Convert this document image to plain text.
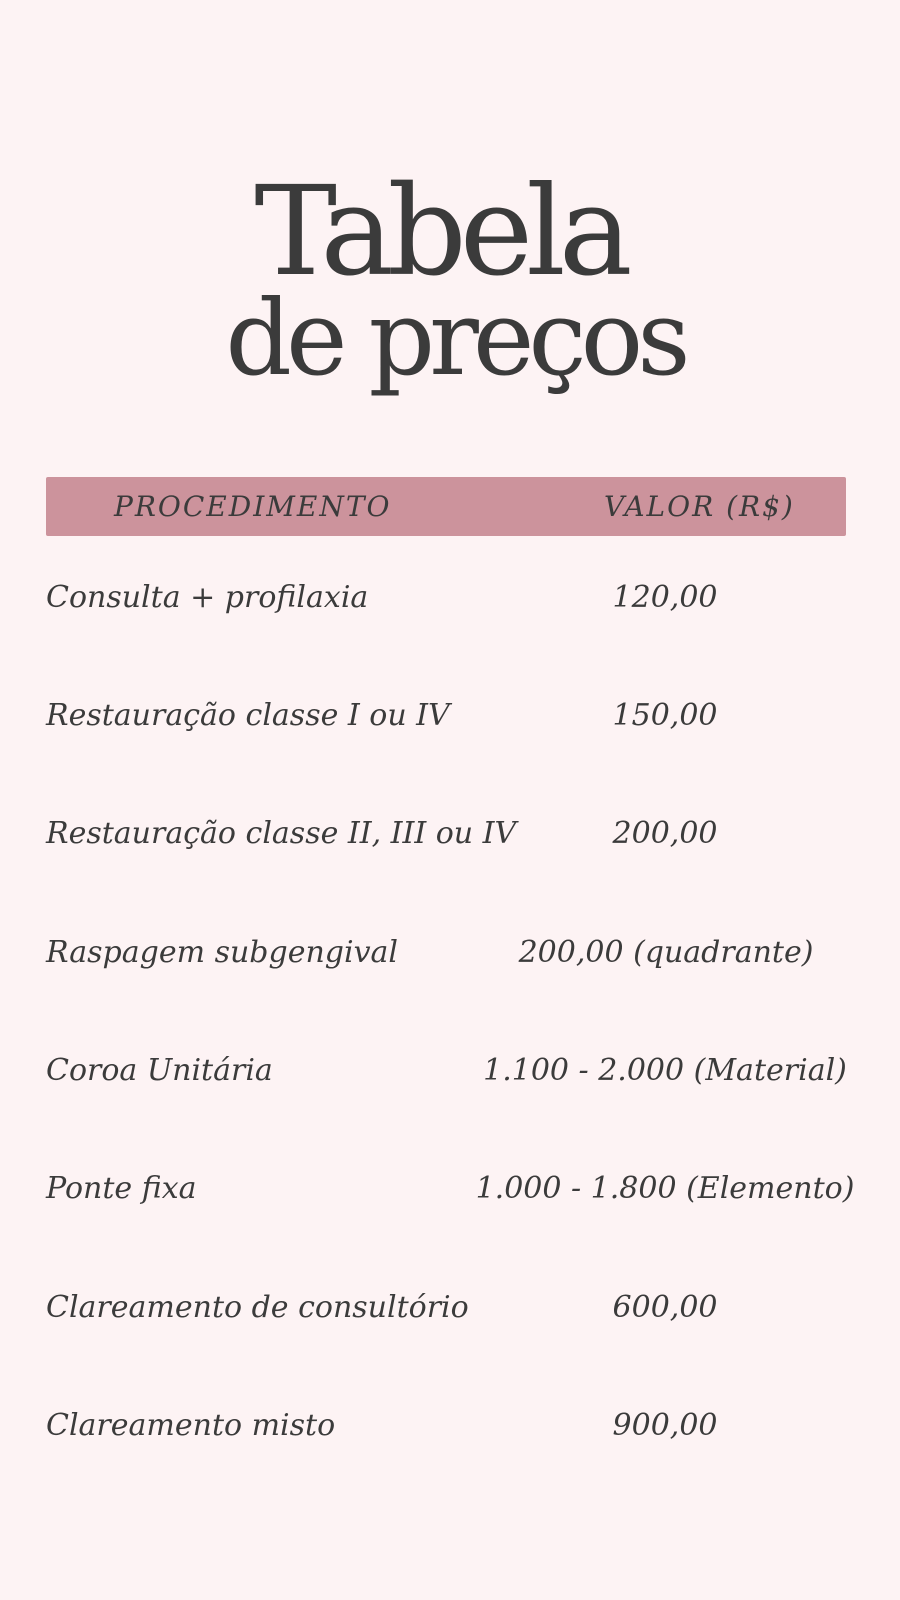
Tabela
de preços
PROCEDIMENTO	VALOR (R$)
Consulta + profilaxia	120,00
Restauração classe I ou IV	150,00
Restauração classe II, III ou IV	200,00
Raspagem subgengival	200,00 (quadrante)
Coroa Unitária	1.100 - 2.000 (Material)
Ponte fixa	1.000 - 1.800 (Elemento)
Clareamento de consultório	600,00
Clareamento misto	900,00
